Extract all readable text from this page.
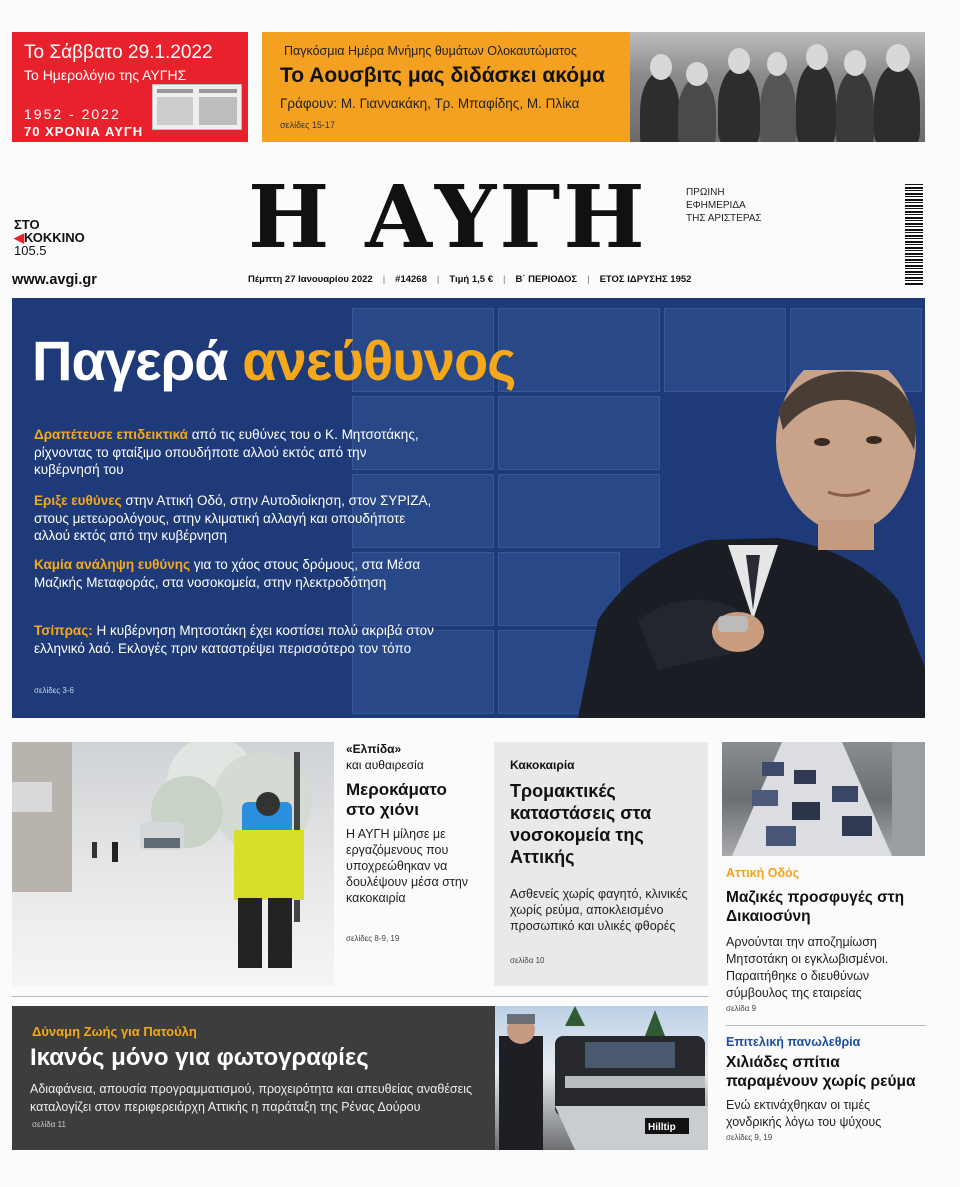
Το Σάββατο 29.1.2022
Το Ημερολόγιο της ΑΥΓΗΣ
1952 - 2022
70 ΧΡΟΝΙΑ ΑΥΓΗ
Παγκόσμια Ημέρα Μνήμης θυμάτων Ολοκαυτώματος
Το Αουσβιτς μας διδάσκει ακόμα
Γράφουν: Μ. Γιαννακάκη, Τρ. Μπαφίδης, Μ. Πλίκα
σελίδες 15-17
ΣΤΟ
◀ΚΟΚΚΙΝΟ
105.5
www.avgi.gr
Η ΑΥΓΗ	ΠΡΩΙΝΗ
ΕΦΗΜΕΡΙΔΑ
ΤΗΣ ΑΡΙΣΤΕΡΑΣ
Πέμπτη 27 Ιανουαρίου 2022 | #14268 | Τιμή 1,5 € | Β΄ ΠΕΡΙΟΔΟΣ | ΕΤΟΣ ΙΔΡΥΣΗΣ 1952
Παγερά ανεύθυνος
Δραπέτευσε επιδεικτικά από τις ευθύνες του ο Κ. Μητσοτάκης, ρίχνοντας το φταίξιμο οπουδήποτε αλλού εκτός από την κυβέρνησή του
Εριξε ευθύνες στην Αττική Οδό, στην Αυτοδιοίκηση, στον ΣΥΡΙΖΑ, στους μετεωρολόγους, στην κλιματική αλλαγή και οπουδήποτε αλλού εκτός από την κυβέρνηση
Καμία ανάληψη ευθύνης για το χάος στους δρόμους, στα Μέσα Μαζικής Μεταφοράς, στα νοσοκομεία, στην ηλεκτροδότηση
Τσίπρας: Η κυβέρνηση Μητσοτάκη έχει κοστίσει πολύ ακριβά στον ελληνικό λαό. Εκλογές πριν καταστρέψει περισσότερο τον τόπο
σελίδες 3-6
«Ελπίδα»
και αυθαιρεσία
Μεροκάματο στο χιόνι
Η ΑΥΓΗ μίλησε με εργαζόμενους που υποχρεώθηκαν να δουλέψουν μέσα στην κακοκαιρία
σελίδες 8-9, 19
Κακοκαιρία
Τρομακτικές καταστάσεις στα νοσοκομεία της Αττικής
Ασθενείς χωρίς φαγητό, κλινικές χωρίς ρεύμα, αποκλεισμένο προσωπικό και υλικές φθορές
σελίδα 10
Αττική Οδός
Μαζικές προσφυγές στη Δικαιοσύνη
Αρνούνται την αποζημίωση Μητσοτάκη οι εγκλωβισμένοι. Παραιτήθηκε ο διευθύνων σύμβουλος της εταιρείας
σελίδα 9
Επιτελική πανωλεθρία
Χιλιάδες σπίτια παραμένουν χωρίς ρεύμα
Ενώ εκτινάχθηκαν οι τιμές χονδρικής λόγω του ψύχους
σελίδες 9, 19
Δύναμη Ζωής για Πατούλη
Ικανός μόνο για φωτογραφίες
Αδιαφάνεια, απουσία προγραμματισμού, προχειρότητα και απευθείας αναθέσεις καταλογίζει στον περιφερειάρχη Αττικής η παράταξη της Ρένας Δούρου
σελίδα 11	Hilltip
